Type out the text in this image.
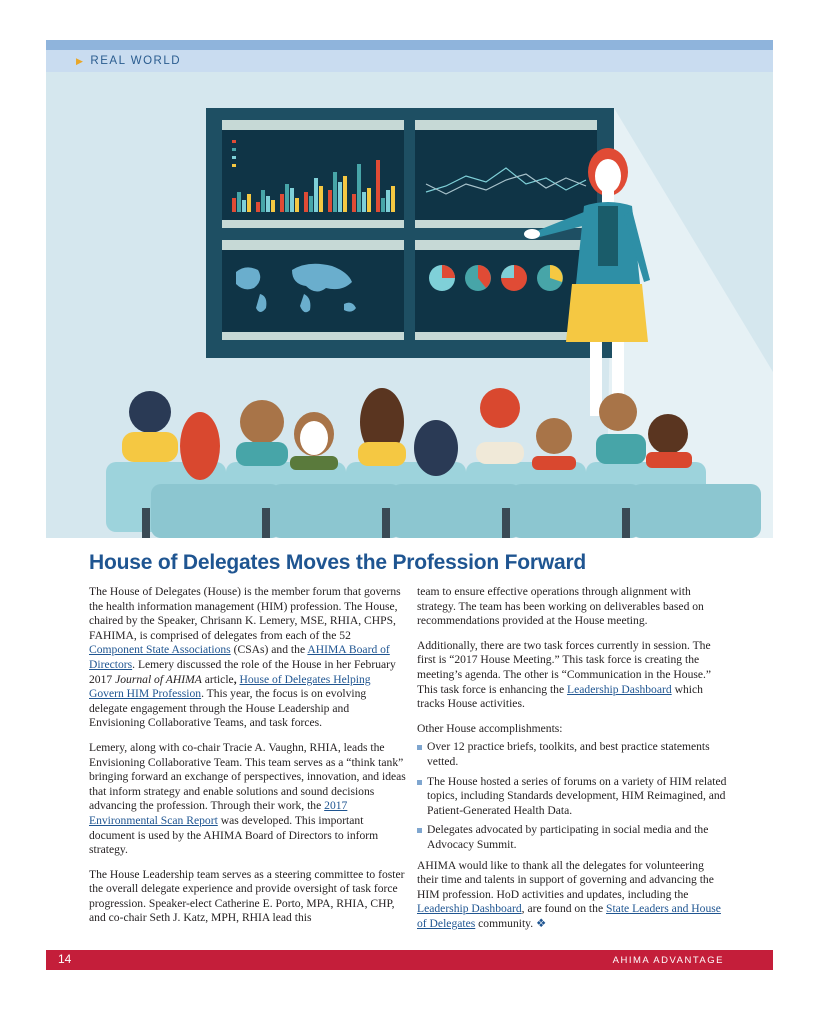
▶ REAL WORLD
House of Delegates Moves the Profession Forward

The House of Delegates (House) is the member forum that governs the health information management (HIM) profession. The House, chaired by the Speaker, Chrisann K. Lemery, MSE, RHIA, CHPS, FAHIMA, is comprised of delegates from each of the 52 Component State Associations (CSAs) and the AHIMA Board of Directors. Lemery discussed the role of the House in her February 2017 Journal of AHIMA article, House of Delegates Helping Govern HIM Profession. This year, the focus is on evolving delegate engagement through the House Leadership and Envisioning Collaborative Teams, and task forces.

Lemery, along with co-chair Tracie A. Vaughn, RHIA, leads the Envisioning Collaborative Team. This team serves as a “think tank” bringing forward an exchange of perspectives, innovation, and ideas that inform strategy and enable solutions and sound decisions advancing the profession. Through their work, the 2017 Environmental Scan Report was developed. This important document is used by the AHIMA Board of Directors to inform strategy.

The House Leadership team serves as a steering committee to foster the overall delegate experience and provide oversight of task force progression. Speaker-elect Catherine E. Porto, MPA, RHIA, CHP, and co-chair Seth J. Katz, MPH, RHIA lead this

team to ensure effective operations through alignment with strategy. The team has been working on deliverables based on recommendations provided at the House meeting.

Additionally, there are two task forces currently in session. The first is “2017 House Meeting.” This task force is creating the meeting’s agenda. The other is “Communication in the House.” This task force is enhancing the Leadership Dashboard which tracks House activities.

Other House accomplishments:

Over 12 practice briefs, toolkits, and best practice statements vetted.
The House hosted a series of forums on a variety of HIM related topics, including Standards development, HIM Reimagined, and Patient-Generated Health Data.
Delegates advocated by participating in social media and the Advocacy Summit.

AHIMA would like to thank all the delegates for volunteering their time and talents in support of governing and advancing the HIM profession. HoD activities and updates, including the Leadership Dashboard, are found on the State Leaders and House of Delegates community. ❖

14	AHIMA ADVANTAGE
